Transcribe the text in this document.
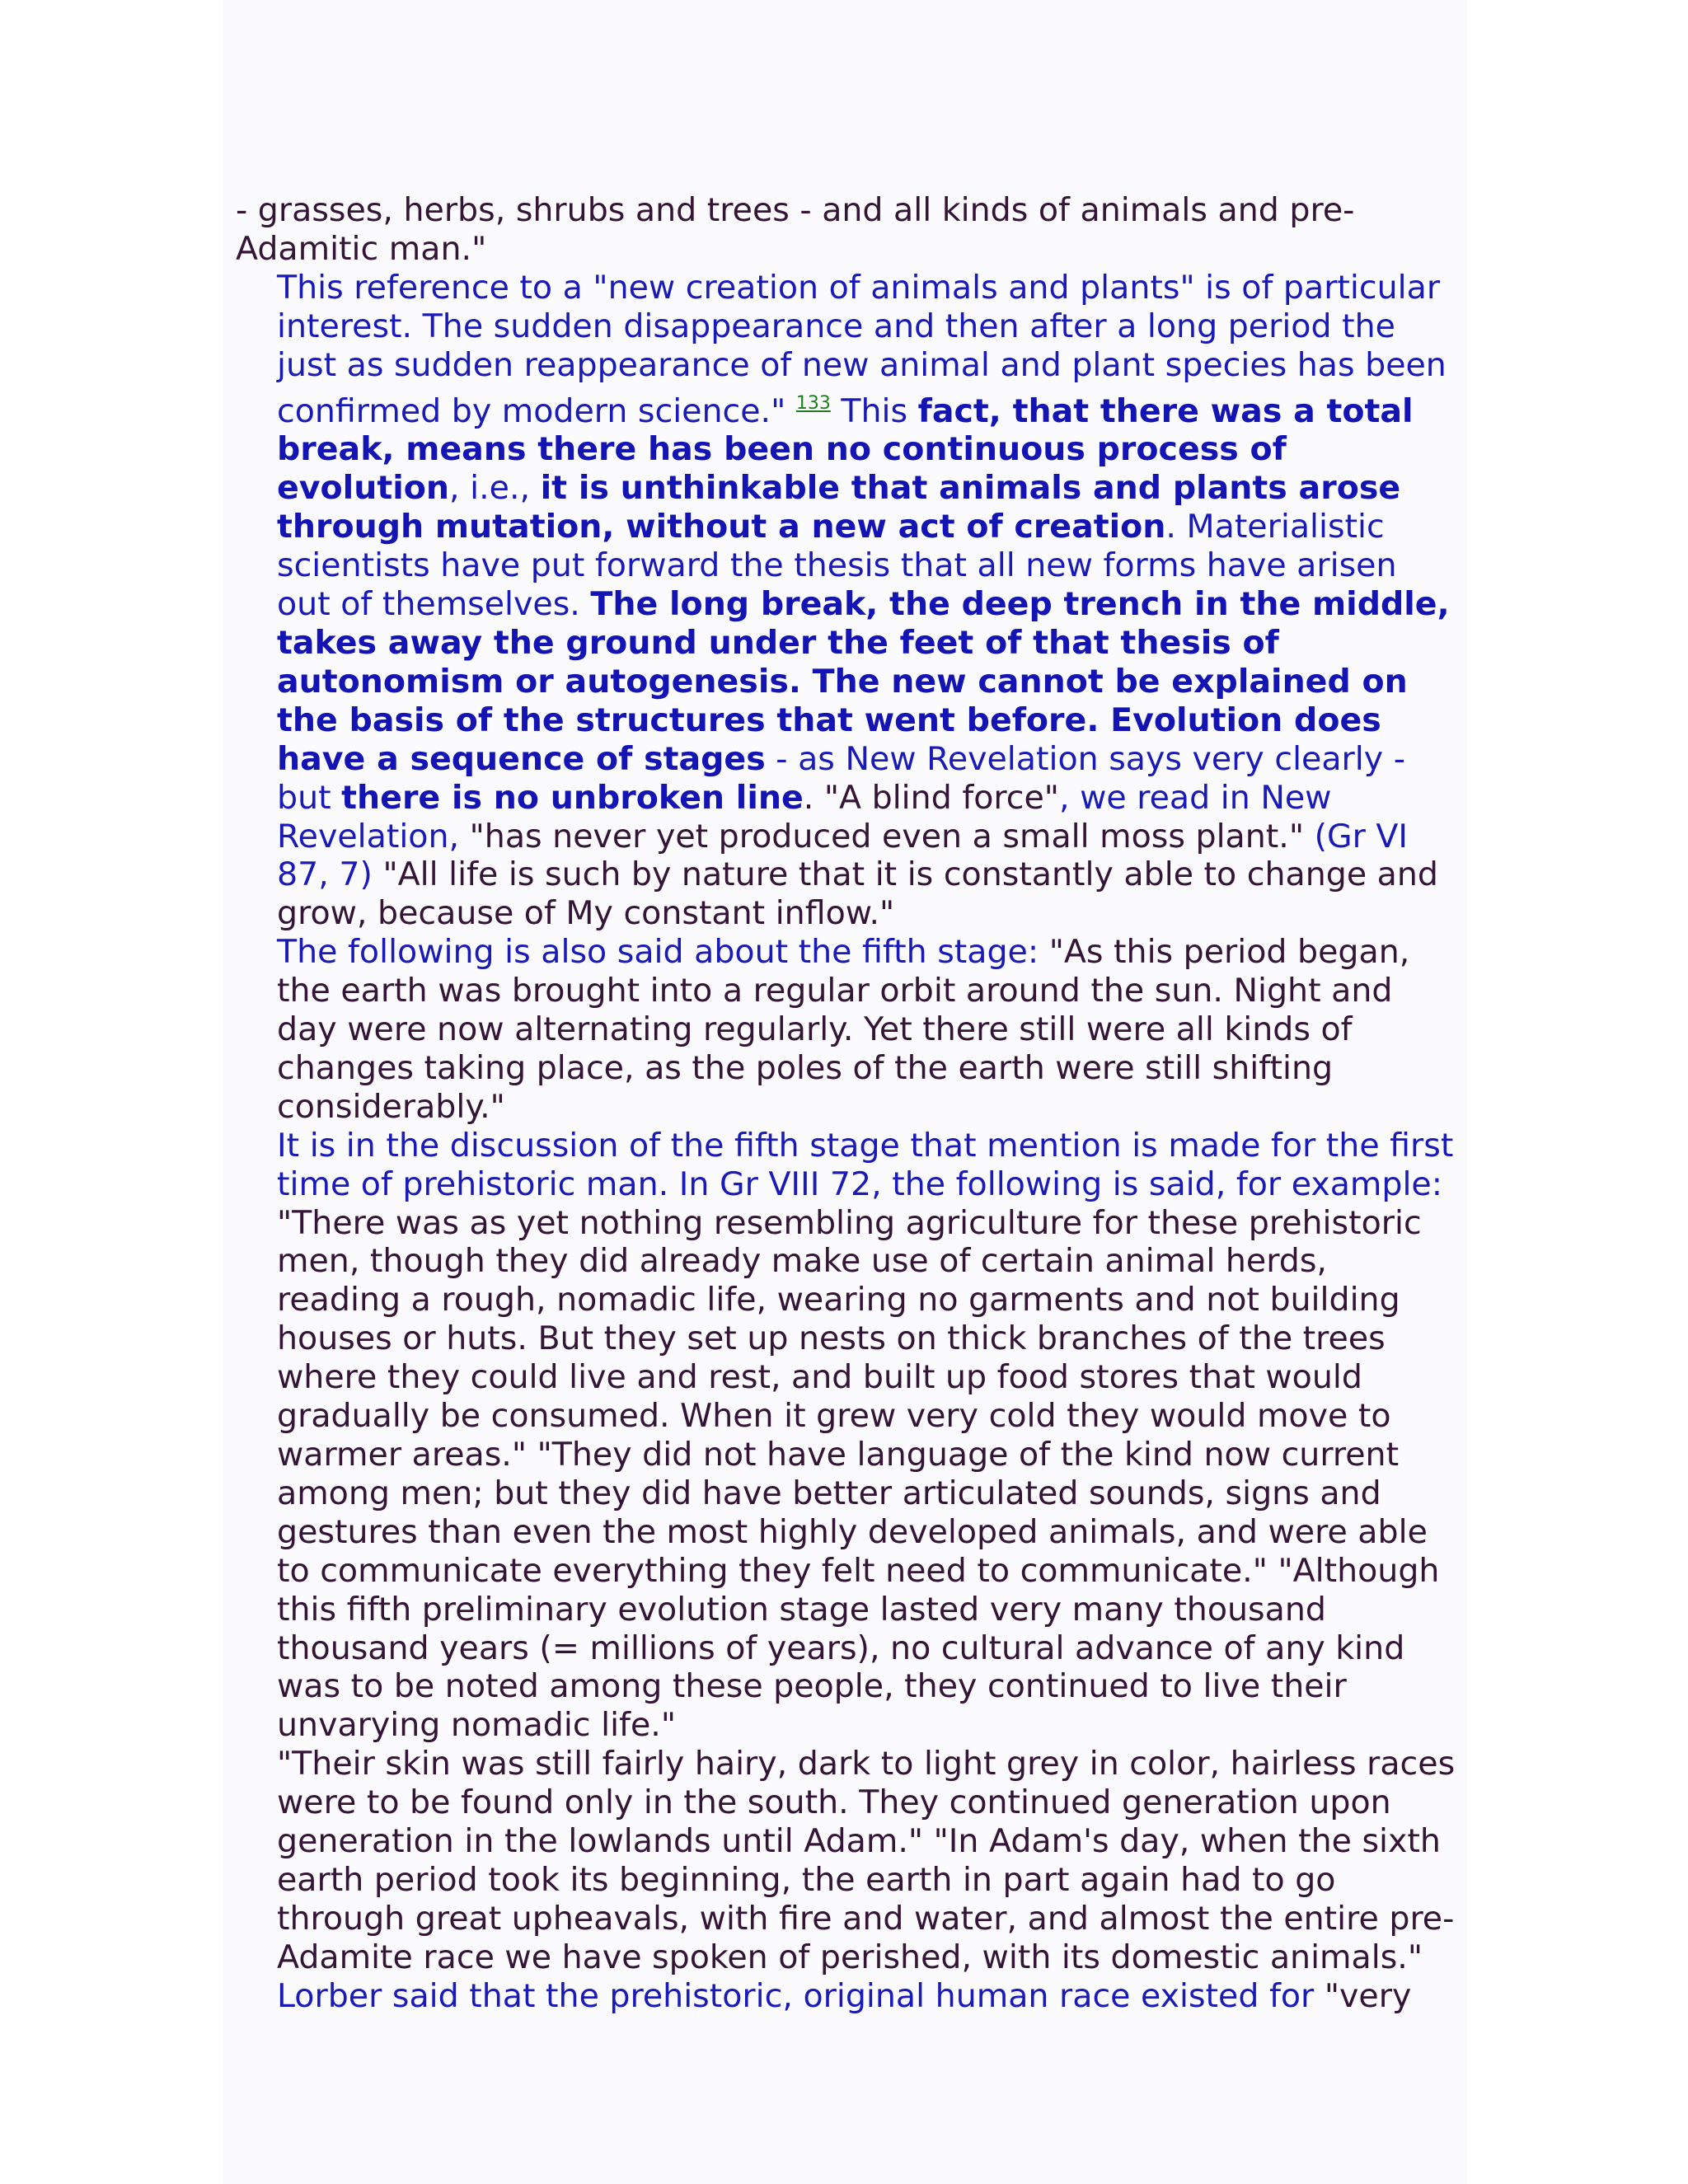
- grasses, herbs, shrubs and trees - and all kinds of animals and pre-Adamitic man."
This reference to a "new creation of animals and plants" is of particular interest. The sudden disappearance and then after a long period the just as sudden reappearance of new animal and plant species has been confirmed by modern science." $^{133}$ This fact, that there was a total break, means there has been no continuous process of evolution, i.e., it is unthinkable that animals and plants arose through mutation, without a new act of creation. Materialistic scientists have put forward the thesis that all new forms have arisen out of themselves. The long break, the deep trench in the middle, takes away the ground under the feet of that thesis of autonomism or autogenesis. The new cannot be explained on the basis of the structures that went before. Evolution does have a sequence of stages - as New Revelation says very clearly - but there is no unbroken line. "A blind force", we read in New Revelation, "has never yet produced even a small moss plant." (Gr VI 87, 7) "All life is such by nature that it is constantly able to change and grow, because of My constant inflow."
The following is also said about the fifth stage: "As this period began, the earth was brought into a regular orbit around the sun. Night and day were now alternating regularly. Yet there still were all kinds of changes taking place, as the poles of the earth were still shifting considerably."
It is in the discussion of the fifth stage that mention is made for the first time of prehistoric man. In Gr VIII 72, the following is said, for example: "There was as yet nothing resembling agriculture for these prehistoric men, though they did already make use of certain animal herds, reading a rough, nomadic life, wearing no garments and not building houses or huts. But they set up nests on thick branches of the trees where they could live and rest, and built up food stores that would gradually be consumed. When it grew very cold they would move to warmer areas." "They did not have language of the kind now current among men; but they did have better articulated sounds, signs and gestures than even the most highly developed animals, and were able to communicate everything they felt need to communicate." "Although this fifth preliminary evolution stage lasted very many thousand thousand years (= millions of years), no cultural advance of any kind was to be noted among these people, they continued to live their unvarying nomadic life."
"Their skin was still fairly hairy, dark to light grey in color, hairless races were to be found only in the south. They continued generation upon generation in the lowlands until Adam." "In Adam's day, when the sixth earth period took its beginning, the earth in part again had to go through great upheavals, with fire and water, and almost the entire pre-Adamite race we have spoken of perished, with its domestic animals."
Lorber said that the prehistoric, original human race existed for "very
